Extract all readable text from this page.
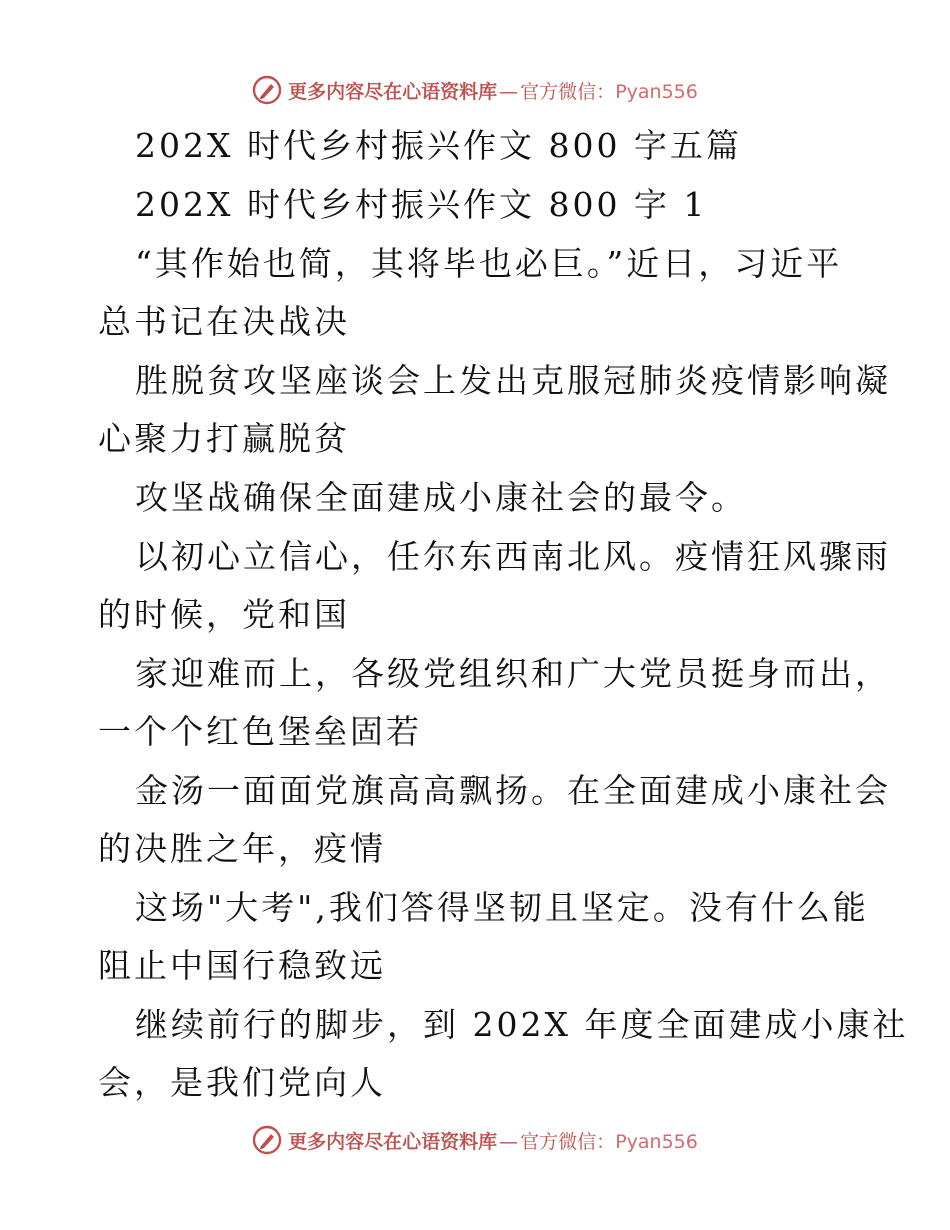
更多内容尽在心语资料库 — 官方微信：Pyan556
202X 时代乡村振兴作文 800 字五篇
202X 时代乡村振兴作文 800 字 1
“其作始也简，其将毕也必巨。”近日，习近平
总书记在决战决
胜脱贫攻坚座谈会上发出克服冠肺炎疫情影响凝
心聚力打赢脱贫
攻坚战确保全面建成小康社会的最令。
以初心立信心，任尔东西南北风。疫情狂风骤雨
的时候，党和国
家迎难而上，各级党组织和广大党员挺身而出，
一个个红色堡垒固若
金汤一面面党旗高高飘扬。在全面建成小康社会
的决胜之年，疫情
这场"大考",我们答得坚韧且坚定。没有什么能
阻止中国行稳致远
继续前行的脚步，到 202X 年度全面建成小康社
会，是我们党向人
更多内容尽在心语资料库 — 官方微信：Pyan556
